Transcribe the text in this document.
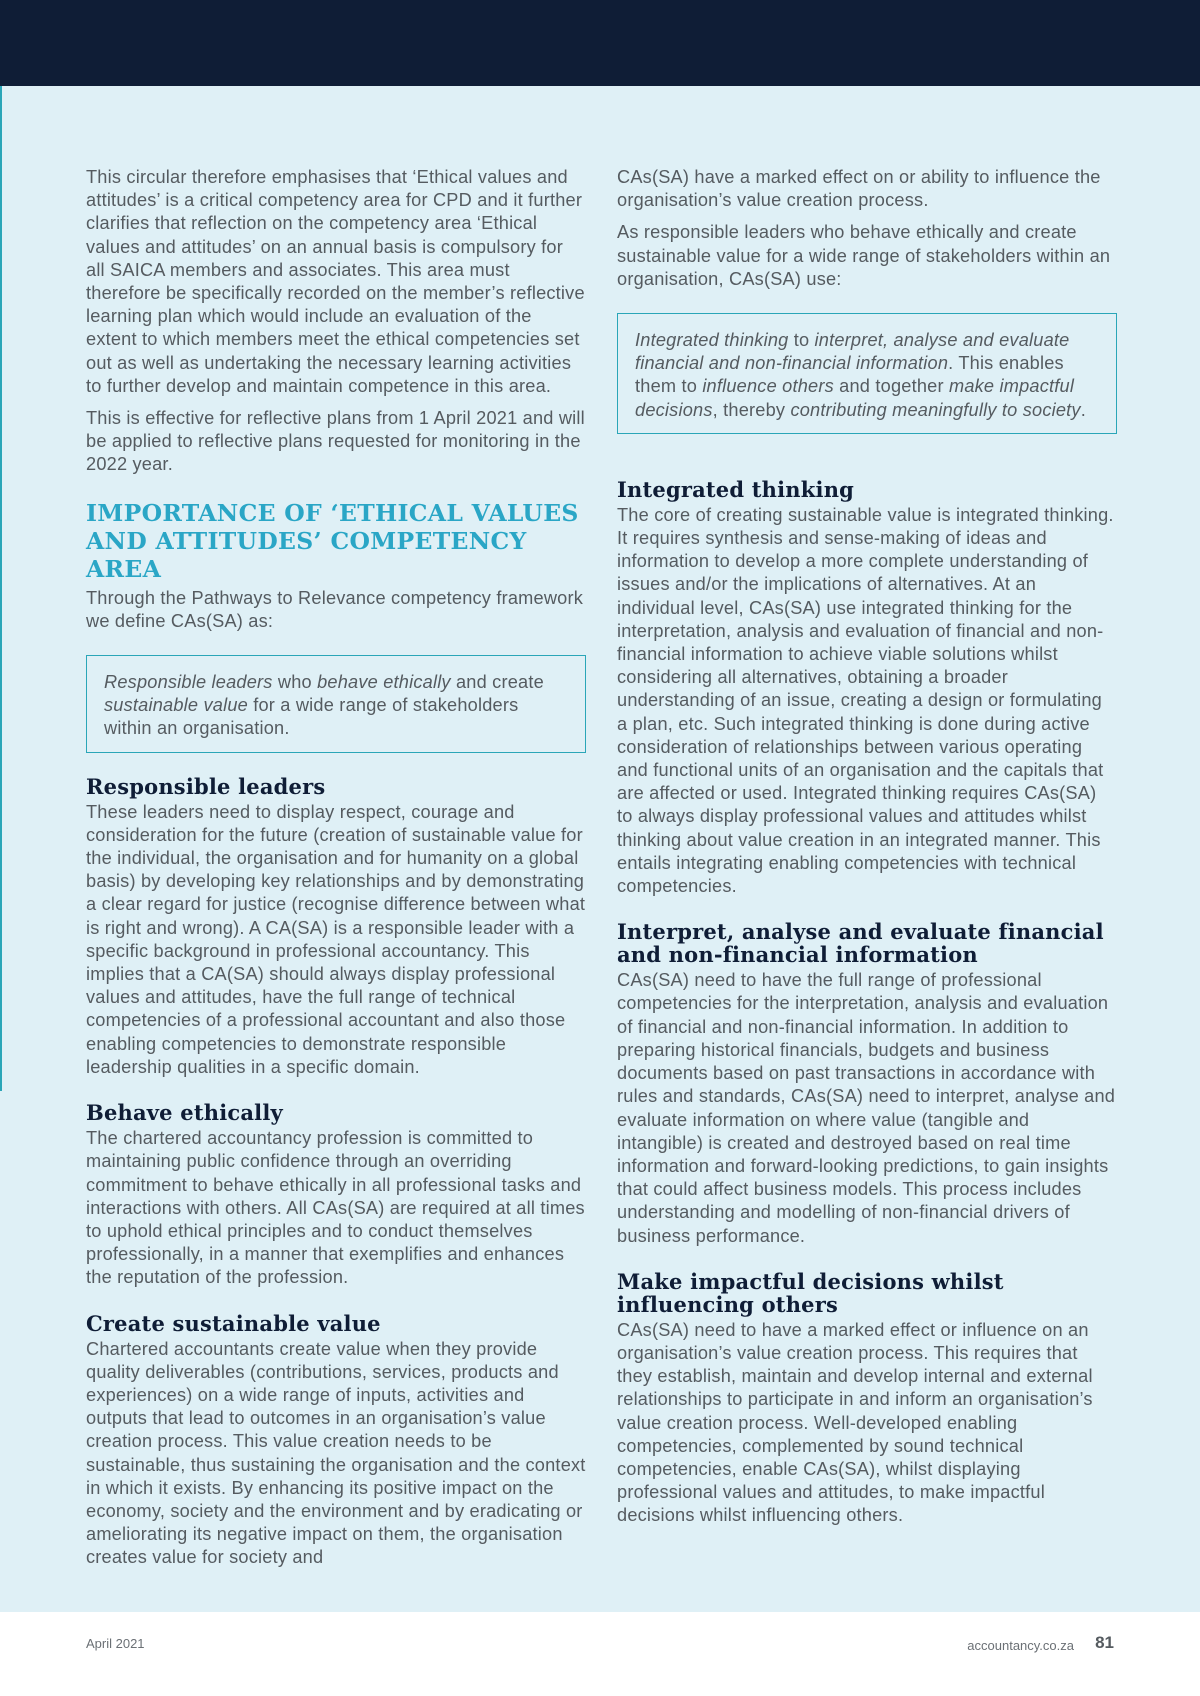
This circular therefore emphasises that ‘Ethical values and attitudes’ is a critical competency area for CPD and it further clarifies that reflection on the competency area ‘Ethical values and attitudes’ on an annual basis is compulsory for all SAICA members and associates. This area must therefore be specifically recorded on the member’s reflective learning plan which would include an evaluation of the extent to which members meet the ethical competencies set out as well as undertaking the necessary learning activities to further develop and maintain competence in this area.

This is effective for reflective plans from 1 April 2021 and will be applied to reflective plans requested for monitoring in the 2022 year.

IMPORTANCE OF ‘ETHICAL VALUES AND ATTITUDES’ COMPETENCY AREA

Through the Pathways to Relevance competency framework we define CAs(SA) as:

Responsible leaders who behave ethically and create sustainable value for a wide range of stakeholders within an organisation.
Responsible leaders

These leaders need to display respect, courage and consideration for the future (creation of sustainable value for the individual, the organisation and for humanity on a global basis) by developing key relationships and by demonstrating a clear regard for justice (recognise difference between what is right and wrong). A CA(SA) is a responsible leader with a specific background in professional accountancy. This implies that a CA(SA) should always display professional values and attitudes, have the full range of technical competencies of a professional accountant and also those enabling competencies to demonstrate responsible leadership qualities in a specific domain.

Behave ethically

The chartered accountancy profession is committed to maintaining public confidence through an overriding commitment to behave ethically in all professional tasks and interactions with others. All CAs(SA) are required at all times to uphold ethical principles and to conduct themselves professionally, in a manner that exemplifies and enhances the reputation of the profession.

Create sustainable value

Chartered accountants create value when they provide quality deliverables (contributions, services, products and experiences) on a wide range of inputs, activities and outputs that lead to outcomes in an organisation’s value creation process. This value creation needs to be sustainable, thus sustaining the organisation and the context in which it exists. By enhancing its positive impact on the economy, society and the environment and by eradicating or ameliorating its negative impact on them, the organisation creates value for society and

CAs(SA) have a marked effect on or ability to influence the organisation’s value creation process.

As responsible leaders who behave ethically and create sustainable value for a wide range of stakeholders within an organisation, CAs(SA) use:

Integrated thinking to interpret, analyse and evaluate financial and non-financial information. This enables them to influence others and together make impactful decisions, thereby contributing meaningfully to society.
Integrated thinking

The core of creating sustainable value is integrated thinking. It requires synthesis and sense-making of ideas and information to develop a more complete understanding of issues and/or the implications of alternatives. At an individual level, CAs(SA) use integrated thinking for the interpretation, analysis and evaluation of financial and non-financial information to achieve viable solutions whilst considering all alternatives, obtaining a broader understanding of an issue, creating a design or formulating a plan, etc. Such integrated thinking is done during active consideration of relationships between various operating and functional units of an organisation and the capitals that are affected or used. Integrated thinking requires CAs(SA) to always display professional values and attitudes whilst thinking about value creation in an integrated manner. This entails integrating enabling competencies with technical competencies.

Interpret, analyse and evaluate financial and non-financial information

CAs(SA) need to have the full range of professional competencies for the interpretation, analysis and evaluation of financial and non-financial information. In addition to preparing historical financials, budgets and business documents based on past transactions in accordance with rules and standards, CAs(SA) need to interpret, analyse and evaluate information on where value (tangible and intangible) is created and destroyed based on real time information and forward-looking predictions, to gain insights that could affect business models. This process includes understanding and modelling of non-financial drivers of business performance.

Make impactful decisions whilst influencing others

CAs(SA) need to have a marked effect or influence on an organisation’s value creation process. This requires that they establish, maintain and develop internal and external relationships to participate in and inform an organisation’s value creation process. Well-developed enabling competencies, complemented by sound technical competencies, enable CAs(SA), whilst displaying professional values and attitudes, to make impactful decisions whilst influencing others.

April 2021	accountancy.co.za 81
